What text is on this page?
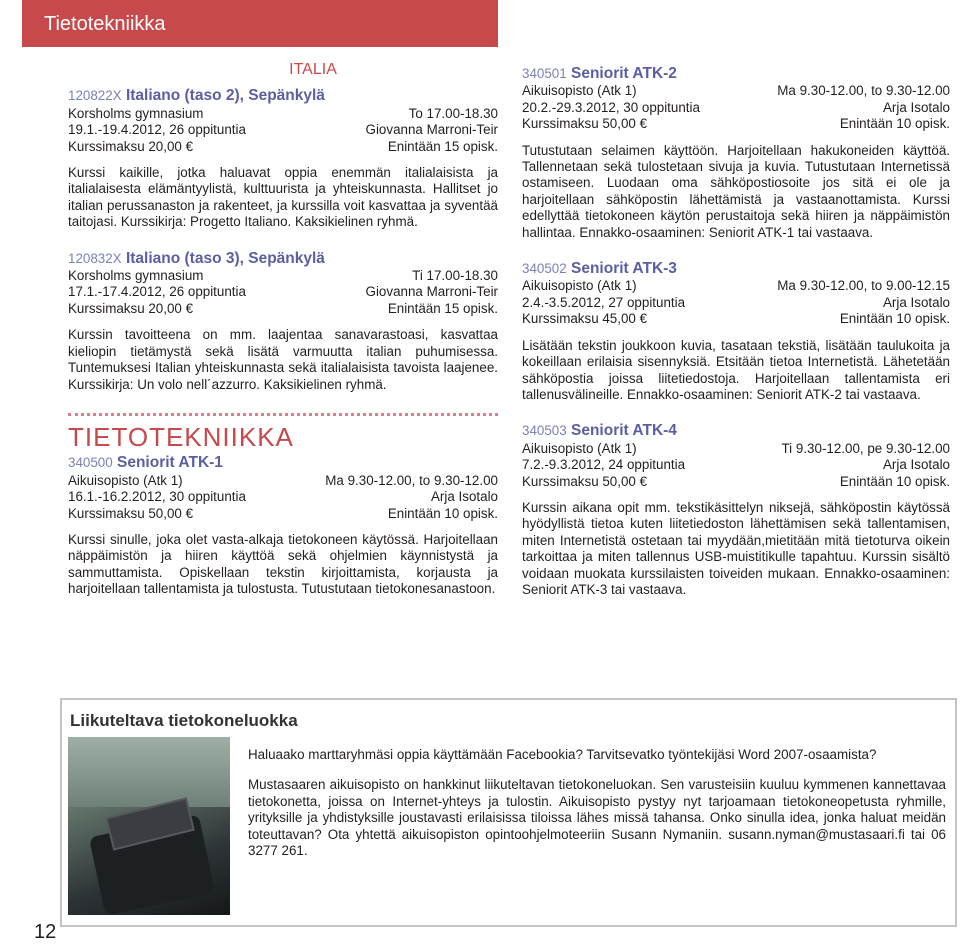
Tietotekniikka
ITALIA
120822X Italiano (taso 2), Sepänkylä
Korsholms gymnasium	To 17.00-18.30
19.1.-19.4.2012, 26 oppituntia	Giovanna Marroni-Teir
Kurssimaksu 20,00 €	Enintään 15 opisk.
Kurssi kaikille, jotka haluavat oppia enemmän italialaisista ja italialaisesta elämäntyylistä, kulttuurista ja yhteiskunnasta. Hallitset jo italian perussanaston ja rakenteet, ja kurssilla voit kasvattaa ja syventää taitojasi. Kurssikirja: Progetto Italiano. Kaksikielinen ryhmä.
120832X Italiano (taso 3), Sepänkylä
Korsholms gymnasium	Ti 17.00-18.30
17.1.-17.4.2012, 26 oppituntia	Giovanna Marroni-Teir
Kurssimaksu 20,00 €	Enintään 15 opisk.
Kurssin tavoitteena on mm. laajentaa sanavarastoasi, kasvattaa kieliopin tietämystä sekä lisätä varmuutta italian puhumisessa. Tuntemuksesi Italian yhteiskunnasta sekä italialaisista tavoista laajenee. Kurssikirja: Un volo nell´azzurro. Kaksikielinen ryhmä.
TIETOTEKNIIKKA
340500 Seniorit ATK-1
Aikuisopisto (Atk 1)	Ma 9.30-12.00, to 9.30-12.00
16.1.-16.2.2012, 30 oppituntia	Arja Isotalo
Kurssimaksu 50,00 €	Enintään 10 opisk.
Kurssi sinulle, joka olet vasta-alkaja tietokoneen käytössä. Harjoitellaan näppäimistön ja hiiren käyttöä sekä ohjelmien käynnistystä ja sammuttamista. Opiskellaan tekstin kirjoittamista, korjausta ja harjoitellaan tallentamista ja tulostusta. Tutustutaan tietokonesanastoon.
340501 Seniorit ATK-2
Aikuisopisto (Atk 1)	Ma 9.30-12.00, to 9.30-12.00
20.2.-29.3.2012, 30 oppituntia	Arja Isotalo
Kurssimaksu 50,00 €	Enintään 10 opisk.
Tutustutaan selaimen käyttöön. Harjoitellaan hakukoneiden käyttöä. Tallennetaan sekä tulostetaan sivuja ja kuvia. Tutustutaan Internetissä ostamiseen. Luodaan oma sähköpostiosoite jos sitä ei ole ja harjoitellaan sähköpostin lähettämistä ja vastaanottamista. Kurssi edellyttää tietokoneen käytön perustaitoja sekä hiiren ja näppäimistön hallintaa. Ennakko-osaaminen: Seniorit ATK-1 tai vastaava.
340502 Seniorit ATK-3
Aikuisopisto (Atk 1)	Ma 9.30-12.00, to 9.00-12.15
2.4.-3.5.2012, 27 oppituntia	Arja Isotalo
Kurssimaksu 45,00 €	Enintään 10 opisk.
Lisätään tekstin joukkoon kuvia, tasataan tekstiä, lisätään taulukoita ja kokeillaan erilaisia sisennyksiä. Etsitään tietoa Internetistä. Lähetetään sähköpostia joissa liitetiedostoja. Harjoitellaan tallentamista eri tallenusvälineille. Ennakko-osaaminen: Seniorit ATK-2 tai vastaava.
340503 Seniorit ATK-4
Aikuisopisto (Atk 1)	Ti 9.30-12.00, pe 9.30-12.00
7.2.-9.3.2012, 24 oppituntia	Arja Isotalo
Kurssimaksu 50,00 €	Enintään 10 opisk.
Kurssin aikana opit mm. tekstikäsittelyn niksejä, sähköpostin käytössä hyödyllistä tietoa kuten liitetiedoston lähettämisen sekä tallentamisen, miten Internetistä ostetaan tai myydään,mietitään mitä tietoturva oikein tarkoittaa ja miten tallennus USB-muistitikulle tapahtuu. Kurssin sisältö voidaan muokata kurssilaisten toiveiden mukaan. Ennakko-osaaminen: Seniorit ATK-3 tai vastaava.
Liikuteltava tietokoneluokka

Haluaako marttaryhmäsi oppia käyttämään Facebookia? Tarvitsevatko työntekijäsi Word 2007-osaamista?

Mustasaaren aikuisopisto on hankkinut liikuteltavan tietokoneluokan. Sen varusteisiin kuuluu kymmenen kannettavaa tietokonetta, joissa on Internet-yhteys ja tulostin. Aikuisopisto pystyy nyt tarjoamaan tietokoneopetusta ryhmille, yrityksille ja yhdistyksille joustavasti erilaisissa tiloissa lähes missä tahansa. Onko sinulla idea, jonka haluat meidän toteuttavan? Ota yhtettä aikuisopiston opintoohjelmoteeriin Susann Nymaniin. susann.nyman@mustasaari.fi tai 06 3277 261.

12
